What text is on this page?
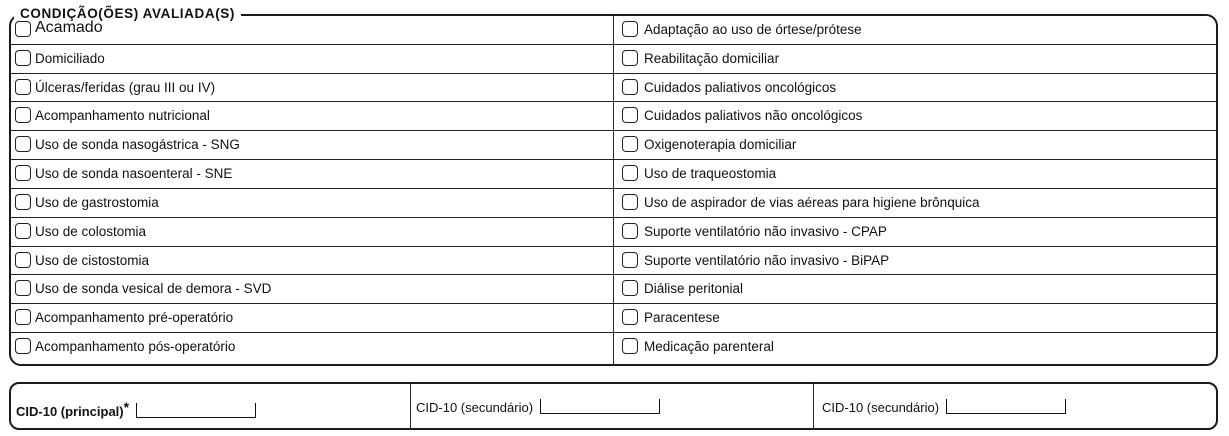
CONDIÇÃO(ÕES) AVALIADA(S)
Acamado
Domiciliado
Úlceras/feridas (grau III ou IV)
Acompanhamento nutricional
Uso de sonda nasogástrica - SNG
Uso de sonda nasoenteral - SNE
Uso de gastrostomia
Uso de colostomia
Uso de cistostomia
Uso de sonda vesical de demora - SVD
Acompanhamento pré-operatório
Acompanhamento pós-operatório
Adaptação ao uso de órtese/prótese
Reabilitação domiciliar
Cuidados paliativos oncológicos
Cuidados paliativos não oncológicos
Oxigenoterapia domiciliar
Uso de traqueostomia
Uso de aspirador de vias aéreas para higiene brônquica
Suporte ventilatório não invasivo - CPAP
Suporte ventilatório não invasivo - BiPAP
Diálise peritonial
Paracentese
Medicação parenteral
CID-10 (principal)*	CID-10 (secundário)	CID-10 (secundário)
